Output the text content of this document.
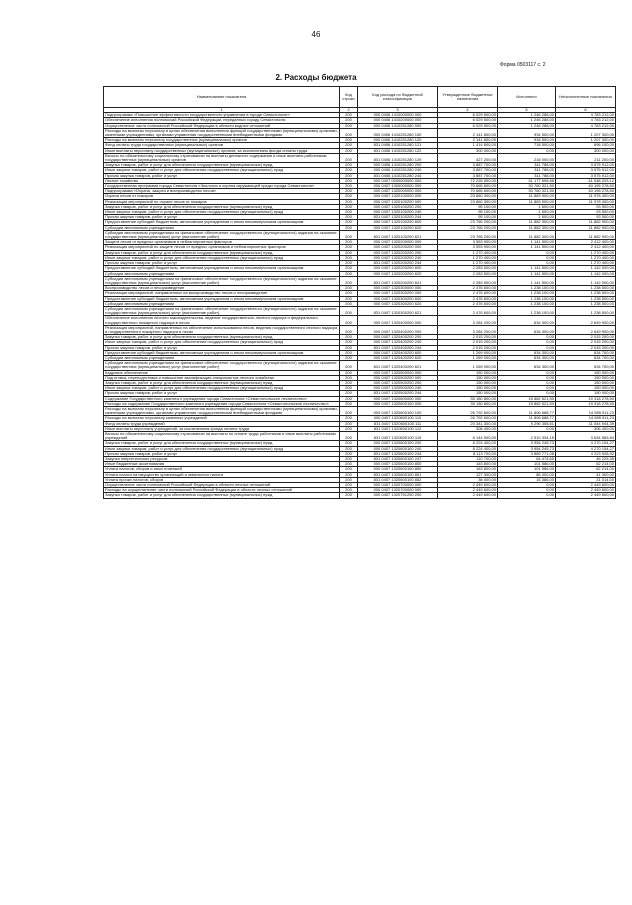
46
Форма 0503117 с. 2
2. Расходы бюджета
Наименование показателя	Код строки	Код расхода по бюджетной классификации	Утвержденные бюджетные назначения	Исполнено	Неисполненные назначения
1	2	3	4	5	6
Подпрограмма «Повышение эффективности государственного управления в городе Севастополе»	200	000 0406 1410000000 000	6 029 500,00	1 246 288,00	4 783 212,00
Обеспечение исполнения полномочий Российской Федерации, переданных городу Севастополю	200	000 0406 1410200000 000	6 029 500,00	1 246 288,00	4 783 212,00
Осуществление части полномочий Российской Федерации в области водных отношений	200	000 0406 1410251280 000	6 029 500,00	1 246 288,00	4 783 212,00
Расходы на выплаты персоналу в целях обеспечения выполнения функций государственными (муниципальными) органами, казенными учреждениями, органами управления государственными внебюджетными фондами	200	000 0406 1410251280 100	2 141 800,00	934 500,00	1 207 300,00
Расходы на выплаты персоналу государственных (муниципальных) органов	200	000 0406 1410251280 120	2 141 800,00	934 500,00	1 207 300,00
Фонд оплаты труда государственных (муниципальных) органов	200	831 0406 1410251280 121	1 414 600,00	718 500,00	696 100,00
Иные выплаты персоналу государственных (муниципальных) органов, за исключением фонда оплаты труда	200	831 0406 1410251280 122	300 000,00	0,00	300 000,00
Взносы по обязательному социальному страхованию на выплаты денежного содержания и иные выплаты работникам государственных (муниципальных) органов	200	831 0406 1410251280 129	427 200,00	216 000,00	211 200,00
Закупка товаров, работ и услуг для обеспечения государственных (муниципальных) нужд	200	000 0406 1410251280 200	3 887 700,00	311 788,00	3 575 912,00
Иные закупки товаров, работ и услуг для обеспечения государственных (муниципальных) нужд	200	000 0406 1410251280 240	3 887 700,00	311 788,00	3 575 912,00
Прочая закупка товаров, работ и услуг	200	831 0406 1410251280 244	3 887 700,00	311 788,00	3 575 912,00
Лесное хозяйство	200	000 0407 0000000000 000	72 225 900,00	31 177 696,88	41 048 203,12
Государственная программа города Севастополя «Экология и охрана окружающей среды города Севастополя»	200	000 0407 1300000000 000	70 665 600,00	30 760 321,50	40 195 278,50
Подпрограмма «Охрана, защита и воспроизводство лесов»	200	000 0407 1320000000 000	70 665 600,00	30 760 321,50	40 195 278,50
Охрана лесов от пожаров	200	000 0407 1320100000 000	23 860 300,00	11 883 900,00	11 976 400,00
Реализация мероприятий по охране лесов от пожаров	200	000 0407 1320100200 000	23 860 300,00	11 883 900,00	11 976 400,00
Закупка товаров, работ и услуг для обеспечения государственных (муниципальных) нужд	200	000 0407 1320100200 200	95 100,00	1 600,00	93 500,00
Иные закупки товаров, работ и услуг для обеспечения государственных (муниципальных) нужд	200	000 0407 1320100200 240	95 100,00	1 600,00	93 500,00
Прочая закупка товаров, работ и услуг	200	831 0407 1320100200 244	95 100,00	1 600,00	93 500,00
Предоставление субсидий бюджетным, автономным учреждениям и иным некоммерческим организациям	200	000 0407 1320100200 600	23 765 200,00	11 882 300,00	11 882 900,00
Субсидии автономным учреждениям	200	000 0407 1320100200 620	23 765 200,00	11 882 300,00	11 882 900,00
Субсидии автономным учреждениям на финансовое обеспечение государственного (муниципального) задания на оказание государственных (муниципальных) услуг (выполнение работ)	200	831 0407 1320100200 621	23 765 200,00	11 882 300,00	11 882 900,00
Защита лесов от вредных организмов и неблагоприятных факторов	200	000 0407 1320200000 000	3 553 900,00	1 141 500,00	2 412 400,00
Реализация мероприятий по защите лесов от вредных организмов и неблагоприятных факторов	200	000 0407 1320200200 000	3 553 900,00	1 141 500,00	2 412 400,00
Закупка товаров, работ и услуг для обеспечения государственных (муниципальных) нужд	200	000 0407 1320200200 200	1 270 400,00	0,00	1 270 400,00
Иные закупки товаров, работ и услуг для обеспечения государственных (муниципальных) нужд	200	000 0407 1320200200 240	1 270 400,00	0,00	1 270 400,00
Прочая закупка товаров, работ и услуг	200	831 0407 1320200200 244	1 270 400,00	0,00	1 270 400,00
Предоставление субсидий бюджетным, автономным учреждениям и иным некоммерческим организациям	200	000 0407 1320200200 600	2 283 500,00	1 141 500,00	1 142 000,00
Субсидии автономным учреждениям	200	000 0407 1320200200 620	2 283 500,00	1 141 500,00	1 142 000,00
Субсидии автономным учреждениям на финансовое обеспечение государственного (муниципального) задания на оказание государственных (муниципальных) услуг (выполнение работ)	200	831 0407 1320200200 621	2 283 500,00	1 141 500,00	1 142 000,00
Воспроизводство лесов и лесоразведение	200	000 0407 1320300000 000	2 476 600,00	1 238 100,00	1 238 500,00
Реализация мероприятий, направленных на воспроизводство лесов и лесоразведение	200	000 0407 1320300200 000	2 476 600,00	1 238 100,00	1 238 500,00
Предоставление субсидий бюджетным, автономным учреждениям и иным некоммерческим организациям	200	000 0407 1320300200 600	2 476 600,00	1 238 100,00	1 238 500,00
Субсидии автономным учреждениям	200	000 0407 1320300200 620	2 476 600,00	1 238 100,00	1 238 500,00
Субсидии автономным учреждениям на финансовое обеспечение государственного (муниципального) задания на оказание государственных (муниципальных) услуг (выполнение работ)	200	831 0407 1320300200 621	2 476 600,00	1 238 100,00	1 238 500,00
Обеспечение исполнения лесного законодательства, ведение государственного лесного надзора и федерального государственного пожарного надзора в лесах	200	000 0407 1320400000 000	3 284 200,00	634 300,00	2 649 900,00
Реализация мероприятий, направленных на обеспечение использования лесов, ведения государственного лесного надзора и государственного пожарного надзора в лесах	200	000 0407 1320400200 000	3 284 200,00	634 300,00	2 649 900,00
Закупка товаров, работ и услуг для обеспечения государственных (муниципальных) нужд	200	000 0407 1320400200 200	2 015 200,00	0,00	2 015 200,00
Иные закупки товаров, работ и услуг для обеспечения государственных (муниципальных) нужд	200	000 0407 1320400200 240	2 015 200,00	0,00	2 015 200,00
Прочая закупка товаров, работ и услуг	200	831 0407 1320400200 244	2 015 200,00	0,00	2 015 200,00
Предоставление субсидий бюджетным, автономным учреждениям и иным некоммерческим организациям	200	000 0407 1320400200 600	1 269 000,00	634 300,00	634 700,00
Субсидии автономным учреждениям	200	000 0407 1320400200 620	1 269 000,00	634 300,00	634 700,00
Субсидии автономным учреждениям на финансовое обеспечение государственного (муниципального) задания на оказание государственных (муниципальных) услуг (выполнение работ)	200	831 0407 1320400200 621	1 269 000,00	634 300,00	634 700,00
Кадровое обеспечение	200	000 0407 1320500000 000	150 000,00	0,00	150 000,00
Подготовка, переподготовка и повышение квалификации специалистов лесного хозяйства	200	000 0407 1320500200 000	150 000,00	0,00	150 000,00
Закупка товаров, работ и услуг для обеспечения государственных (муниципальных) нужд	200	000 0407 1320500200 200	150 000,00	0,00	150 000,00
Иные закупки товаров, работ и услуг для обеспечения государственных (муниципальных) нужд	200	000 0407 1320500200 240	150 000,00	0,00	150 000,00
Прочая закупка товаров, работ и услуг	200	831 0407 1320500200 244	150 000,00	0,00	150 000,00
Содержание Государственного казенного учреждения города Севастополя «Севастопольское лесничество»	200	000 0407 1320600000 000	35 180 800,00	15 862 521,50	19 318 278,50
Расходы на содержание Государственного казенного учреждения города Севастополя «Севастопольское лесничество»	200	000 0407 1320600100 000	35 180 800,00	15 862 521,50	19 318 278,50
Расходы на выплаты персоналу в целях обеспечения выполнения функций государственными (муниципальными) органами, казенными учреждениями, органами управления государственными внебюджетными фондами	200	000 0407 1320600100 100	26 792 600,00	11 806 688,77	14 985 911,23
Расходы на выплаты персоналу казенных учреждений	200	000 0407 1320600100 110	26 792 600,00	11 806 688,77	14 985 911,23
Фонд оплаты труда учреждений	200	831 0407 1320600100 111	20 341 300,00	9 296 355,61	11 044 944,39
Иные выплаты персоналу учреждений, за исключением фонда оплаты труда	200	831 0407 1320600100 112	306 400,00	0,00	306 400,00
Взносы по обязательному социальному страхованию на выплаты по оплате труда работников и иные выплаты работникам учреждений	200	831 0407 1320600100 119	6 144 900,00	2 510 334,15	3 634 565,84
Закупка товаров, работ и услуг для обеспечения государственных (муниципальных) нужд	200	000 0407 1320600100 200	8 224 400,00	3 954 245,73	4 270 154,27
Иные закупки товаров, работ и услуг для обеспечения государственных (муниципальных) нужд	200	000 0407 1320600100 240	8 224 400,00	3 954 245,73	4 270 154,27
Прочая закупка товаров, работ и услуг	200	831 0407 1320600100 244	8 113 700,00	3 889 771,08	4 223 928,92
Закупка энергетических ресурсов	200	831 0407 1320600100 247	110 700,00	64 474,65	46 225,35
Иные бюджетные ассигнования	200	000 0407 1320600100 800	163 800,00	101 586,00	62 214,00
Уплата налогов, сборов и иных платежей	200	000 0407 1320600100 850	163 800,00	101 586,00	62 214,00
Уплата налога на имущество организаций и земельного налога	200	831 0407 1320600100 851	127 300,00	86 000,00	41 300,00
Уплата прочих налогов, сборов	200	831 0407 1320600100 852	36 400,00	15 386,00	21 014,00
Осуществление части полномочий Российской Федерации в области лесных отношений	200	000 0407 1320700000 000	2 449 600,00	0,00	2 449 600,00
Расходы на осуществление части полномочий Российской Федерации в области лесных отношений	200	000 0407 1320700000 000	2 449 600,00	0,00	2 449 600,00
Закупка товаров, работ и услуг для обеспечения государственных (муниципальных) нужд	200	000 0407 1320751290 200	2 449 600,00	0,00	2 449 600,00
